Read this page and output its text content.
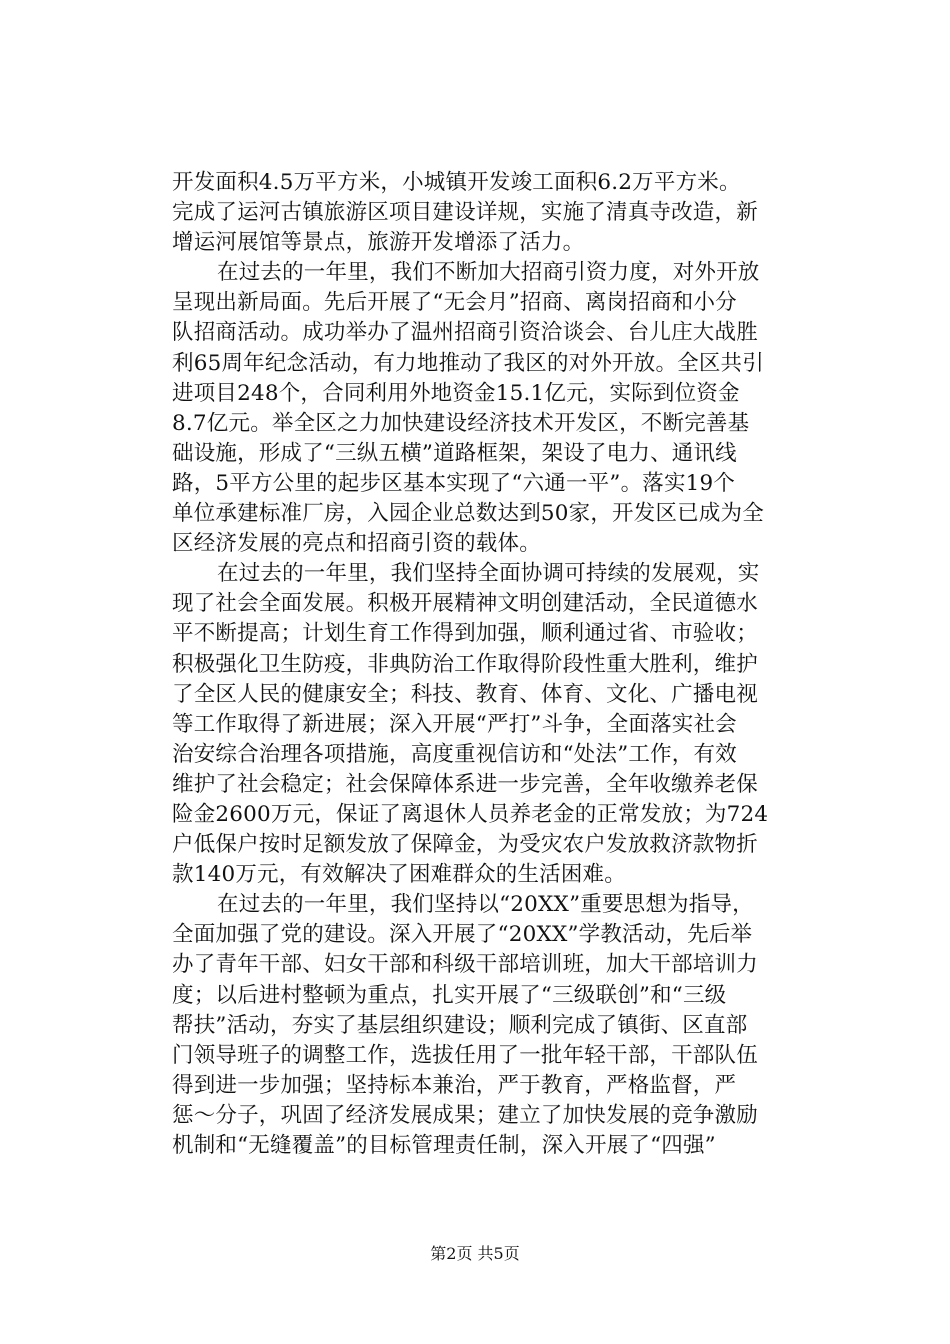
开发面积4.5万平方米，小城镇开发竣工面积6.2万平方米。
完成了运河古镇旅游区项目建设详规，实施了清真寺改造，新
增运河展馆等景点，旅游开发增添了活力。
在过去的一年里，我们不断加大招商引资力度，对外开放
呈现出新局面。先后开展了“无会月”招商、离岗招商和小分
队招商活动。成功举办了温州招商引资洽谈会、台儿庄大战胜
利65周年纪念活动，有力地推动了我区的对外开放。全区共引
进项目248个，合同利用外地资金15.1亿元，实际到位资金
8.7亿元。举全区之力加快建设经济技术开发区，不断完善基
础设施，形成了“三纵五横”道路框架，架设了电力、通讯线
路，5平方公里的起步区基本实现了“六通一平”。落实19个
单位承建标准厂房，入园企业总数达到50家，开发区已成为全
区经济发展的亮点和招商引资的载体。
在过去的一年里，我们坚持全面协调可持续的发展观，实
现了社会全面发展。积极开展精神文明创建活动，全民道德水
平不断提高；计划生育工作得到加强，顺利通过省、市验收；
积极强化卫生防疫，非典防治工作取得阶段性重大胜利，维护
了全区人民的健康安全；科技、教育、体育、文化、广播电视
等工作取得了新进展；深入开展“严打”斗争，全面落实社会
治安综合治理各项措施，高度重视信访和“处法”工作，有效
维护了社会稳定；社会保障体系进一步完善，全年收缴养老保
险金2600万元，保证了离退休人员养老金的正常发放；为724
户低保户按时足额发放了保障金，为受灾农户发放救济款物折
款140万元，有效解决了困难群众的生活困难。
在过去的一年里，我们坚持以“20XX”重要思想为指导，
全面加强了党的建设。深入开展了“20XX”学教活动，先后举
办了青年干部、妇女干部和科级干部培训班，加大干部培训力
度；以后进村整顿为重点，扎实开展了“三级联创”和“三级
帮扶”活动，夯实了基层组织建设；顺利完成了镇街、区直部
门领导班子的调整工作，选拔任用了一批年轻干部，干部队伍
得到进一步加强；坚持标本兼治，严于教育，严格监督，严
惩～分子，巩固了经济发展成果；建立了加快发展的竞争激励
机制和“无缝覆盖”的目标管理责任制，深入开展了“四强”
第2页 共5页
